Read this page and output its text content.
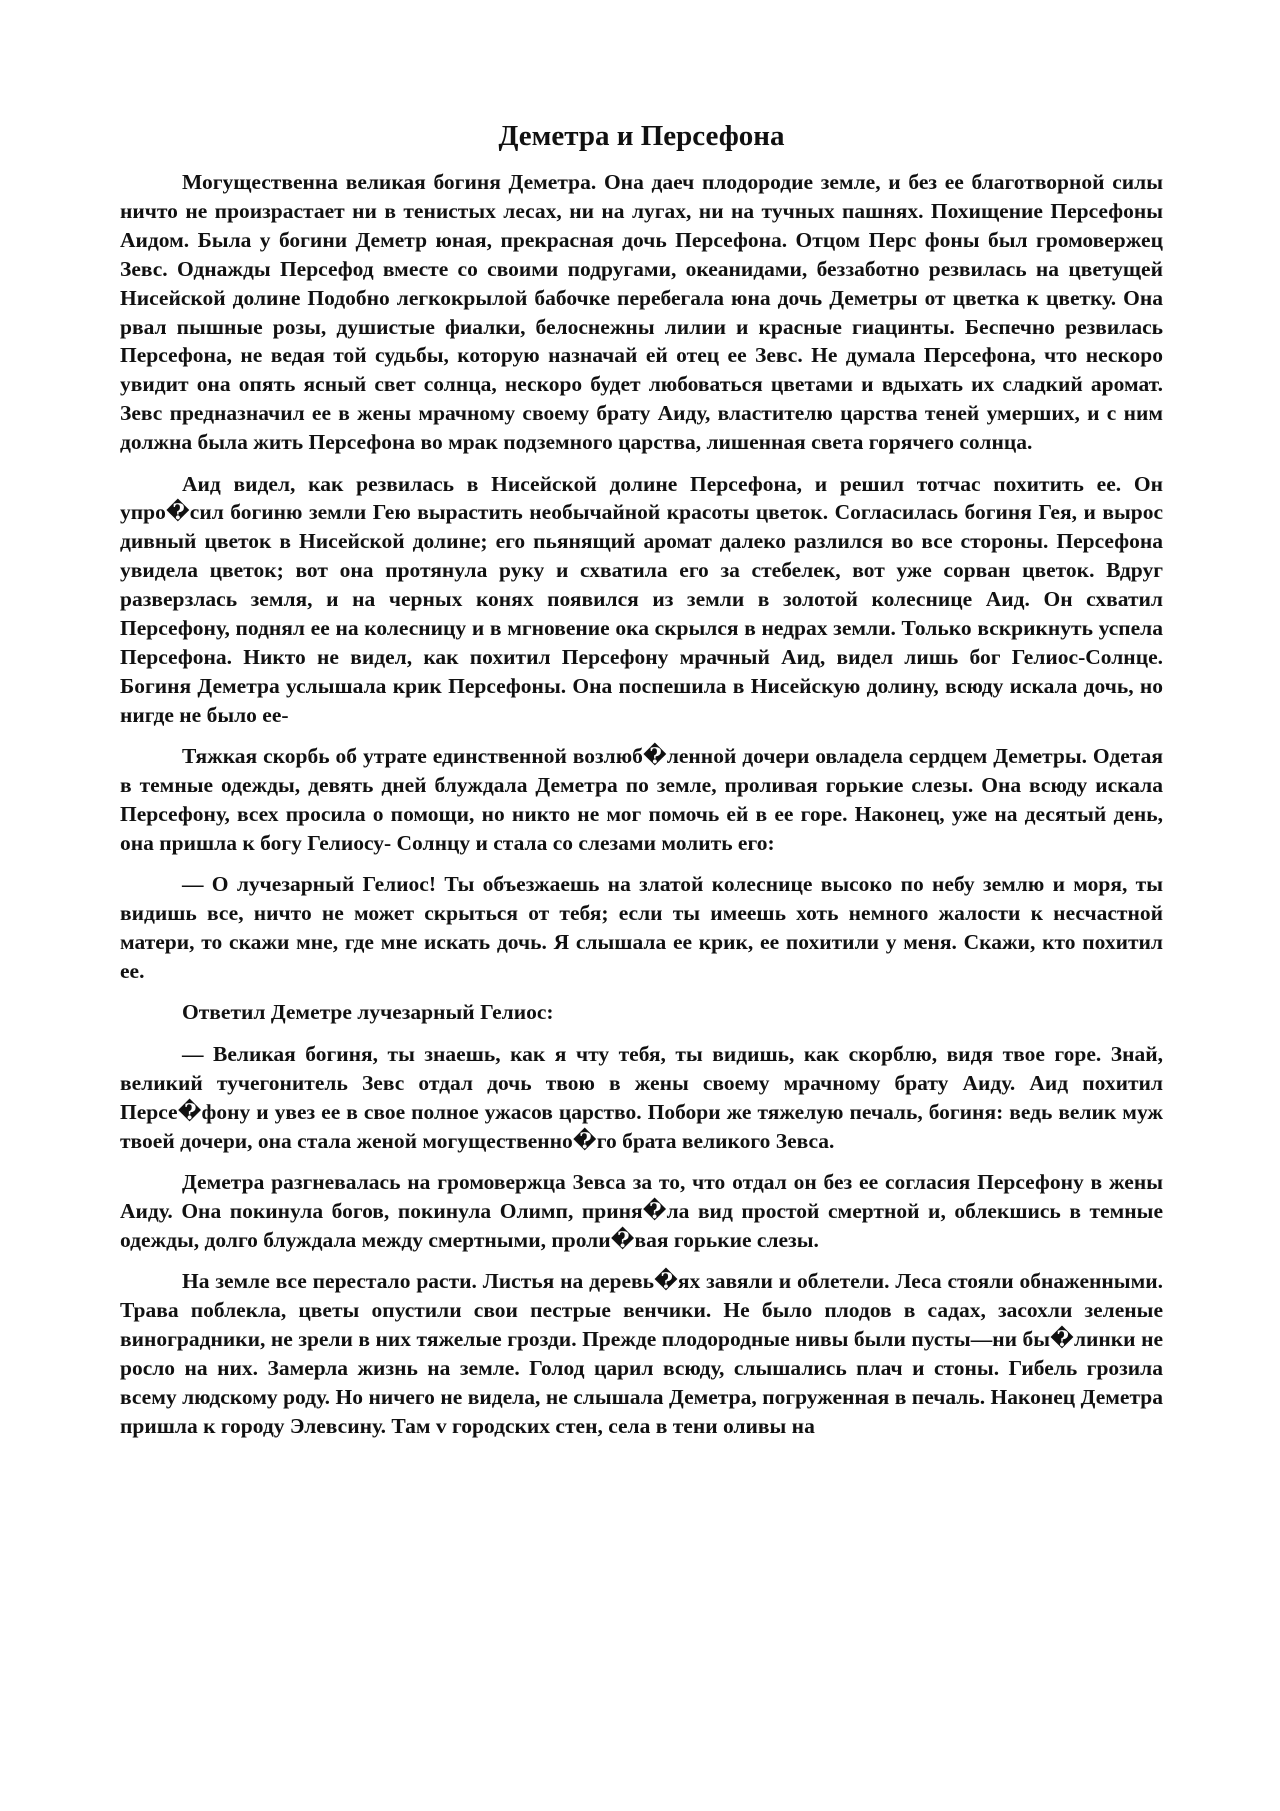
Деметра и Персефона

Могущественна великая богиня Деметра. Она даеч плодородие земле, и без ее благотворной силы ничто не произрастает ни в тенистых лесах, ни на лугах, ни на тучных пашнях. Похищение Персефоны Аидом. Была у богини Деметр юная, прекрасная дочь Персефона. Отцом Перс фоны был громовержец Зевс. Однажды Персефод вместе со своими подругами, океанидами, беззаботно резвилась на цветущей Нисейской долине Подобно легкокрылой бабочке перебегала юна дочь Деметры от цветка к цветку. Она рвал пышные розы, душистые фиалки, белоснежны лилии и красные гиацинты. Беспечно резвилась Персефона, не ведая той судьбы, которую назначай ей отец ее Зевс. Не думала Персефона, что нескоро увидит она опять ясный свет солнца, нескоро будет любоваться цветами и вдыхать их сладкий аромат. Зевс предназначил ее в жены мрачному своему брату Аиду, властителю царства теней умерших, и с ним должна была жить Персефона во мрак подземного царства, лишенная света горячего солнца.

Аид видел, как резвилась в Нисейской долине Персефона, и решил тотчас похитить ее. Он упро�сил богиню земли Гею вырастить необычайной красоты цветок. Согласилась богиня Гея, и вырос дивный цветок в Нисейской долине; его пьянящий аромат далеко разлился во все стороны. Персефона увидела цветок; вот она протянула руку и схватила его за стебелек, вот уже сорван цветок. Вдруг разверзлась земля, и на черных конях появился из земли в золотой колеснице Аид. Он схватил Персефону, поднял ее на колесницу и в мгновение ока скрылся в недрах земли. Только вскрикнуть успела Персефона. Никто не видел, как похитил Персефону мрачный Аид, видел лишь бог Гелиос-Солнце. Богиня Деметра услышала крик Персефоны. Она поспешила в Нисейскую долину, всюду искала дочь, но нигде не было ее-

Тяжкая скорбь об утрате единственной возлюб�ленной дочери овладела сердцем Деметры. Одетая в темные одежды, девять дней блуждала Деметра по земле, проливая горькие слезы. Она всюду искала Персефону, всех просила о помощи, но никто не мог помочь ей в ее горе. Наконец, уже на десятый день, она пришла к богу Гелиосу- Солнцу и стала со слезами молить его:

— О лучезарный Гелиос! Ты объезжаешь на златой колеснице высоко по небу землю и моря, ты видишь все, ничто не может скрыться от тебя; если ты имеешь хоть немного жалости к несчастной матери, то скажи мне, где мне искать дочь. Я слышала ее крик, ее похитили у меня. Скажи, кто похитил ее.

Ответил Деметре лучезарный Гелиос:

— Великая богиня, ты знаешь, как я чту тебя, ты видишь, как скорблю, видя твое горе. Знай, великий тучегонитель Зевс отдал дочь твою в жены своему мрачному брату Аиду. Аид похитил Персе�фону и увез ее в свое полное ужасов царство. Побори же тяжелую печаль, богиня: ведь велик муж твоей дочери, она стала женой могущественно�го брата великого Зевса.

Деметра разгневалась на громовержца Зевса за то, что отдал он без ее согласия Персефону в жены Аиду. Она покинула богов, покинула Олимп, приня�ла вид простой смертной и, облекшись в темные одежды, долго блуждала между смертными, проли�вая горькие слезы.

На земле все перестало расти. Листья на деревь�ях завяли и облетели. Леса стояли обнаженными. Трава поблекла, цветы опустили свои пестрые венчики. Не было плодов в садах, засохли зеленые виноградники, не зрели в них тяжелые грозди. Прежде плодородные нивы были пусты—ни бы�линки не росло на них. Замерла жизнь на земле. Голод царил всюду, слышались плач и стоны. Гибель грозила всему людскому роду. Но ничего не видела, не слышала Деметра, погруженная в печаль. Наконец Деметра пришла к городу Элевсину. Там v городских стен, села в тени оливы на
